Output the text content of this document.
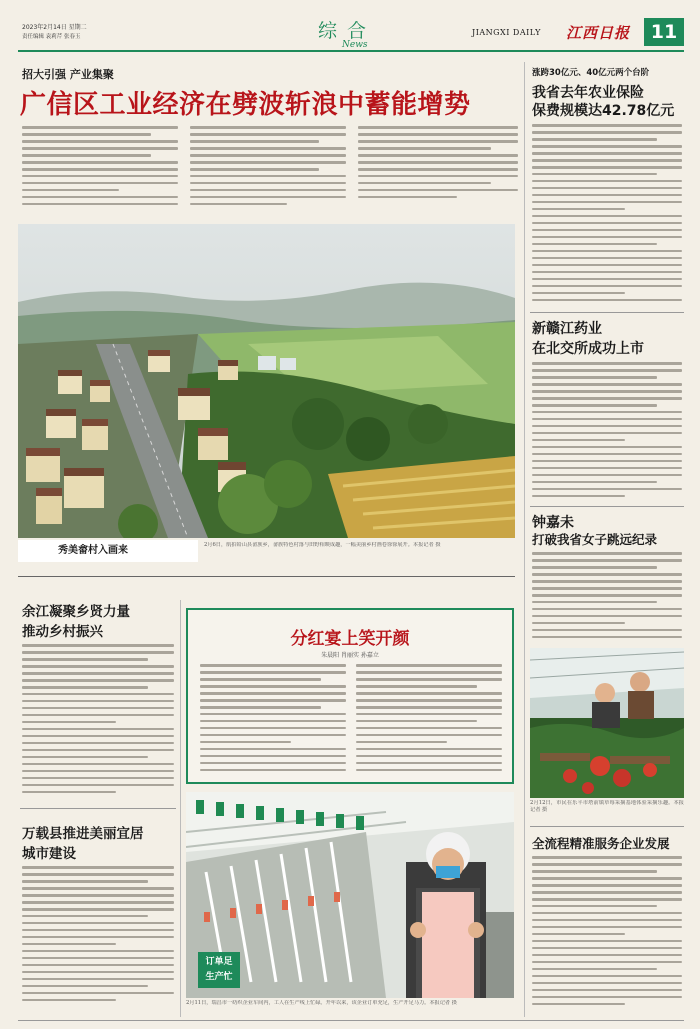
2023年2月14日 星期二
责任编辑 袁莉芹 张春玉	综合
News
JIANGXI DAILY 江西日报	11
招大引强 产业集聚
广信区工业经济在劈波斩浪中蓄能增势
秀美畲村入画来	2月6日，航拍铅山县畲族乡，畲族特色村落与田野相映成趣，一幅美丽乡村画卷徐徐展开。本报记者 摄
涨跨30亿元、40亿元两个台阶
我省去年农业保险
保费规模达42.78亿元
新赣江药业
在北交所成功上市
钟嘉未
打破我省女子跳远纪录
2月12日，市民在乐平市塔前镇草莓采摘基地体验采摘乐趣。本报记者 摄
全流程精准服务企业发展
余江凝聚乡贤力量
推动乡村振兴
万载县推进美丽宜居
城市建设
分红宴上笑开颜
朱晨阳 肖丽实 孙嘉立
订单足
生产忙
2月11日，瑞昌市一纺织企业车间内，工人在生产线上忙碌。开年以来，该企业订单充足，生产开足马力。本报记者 摄
